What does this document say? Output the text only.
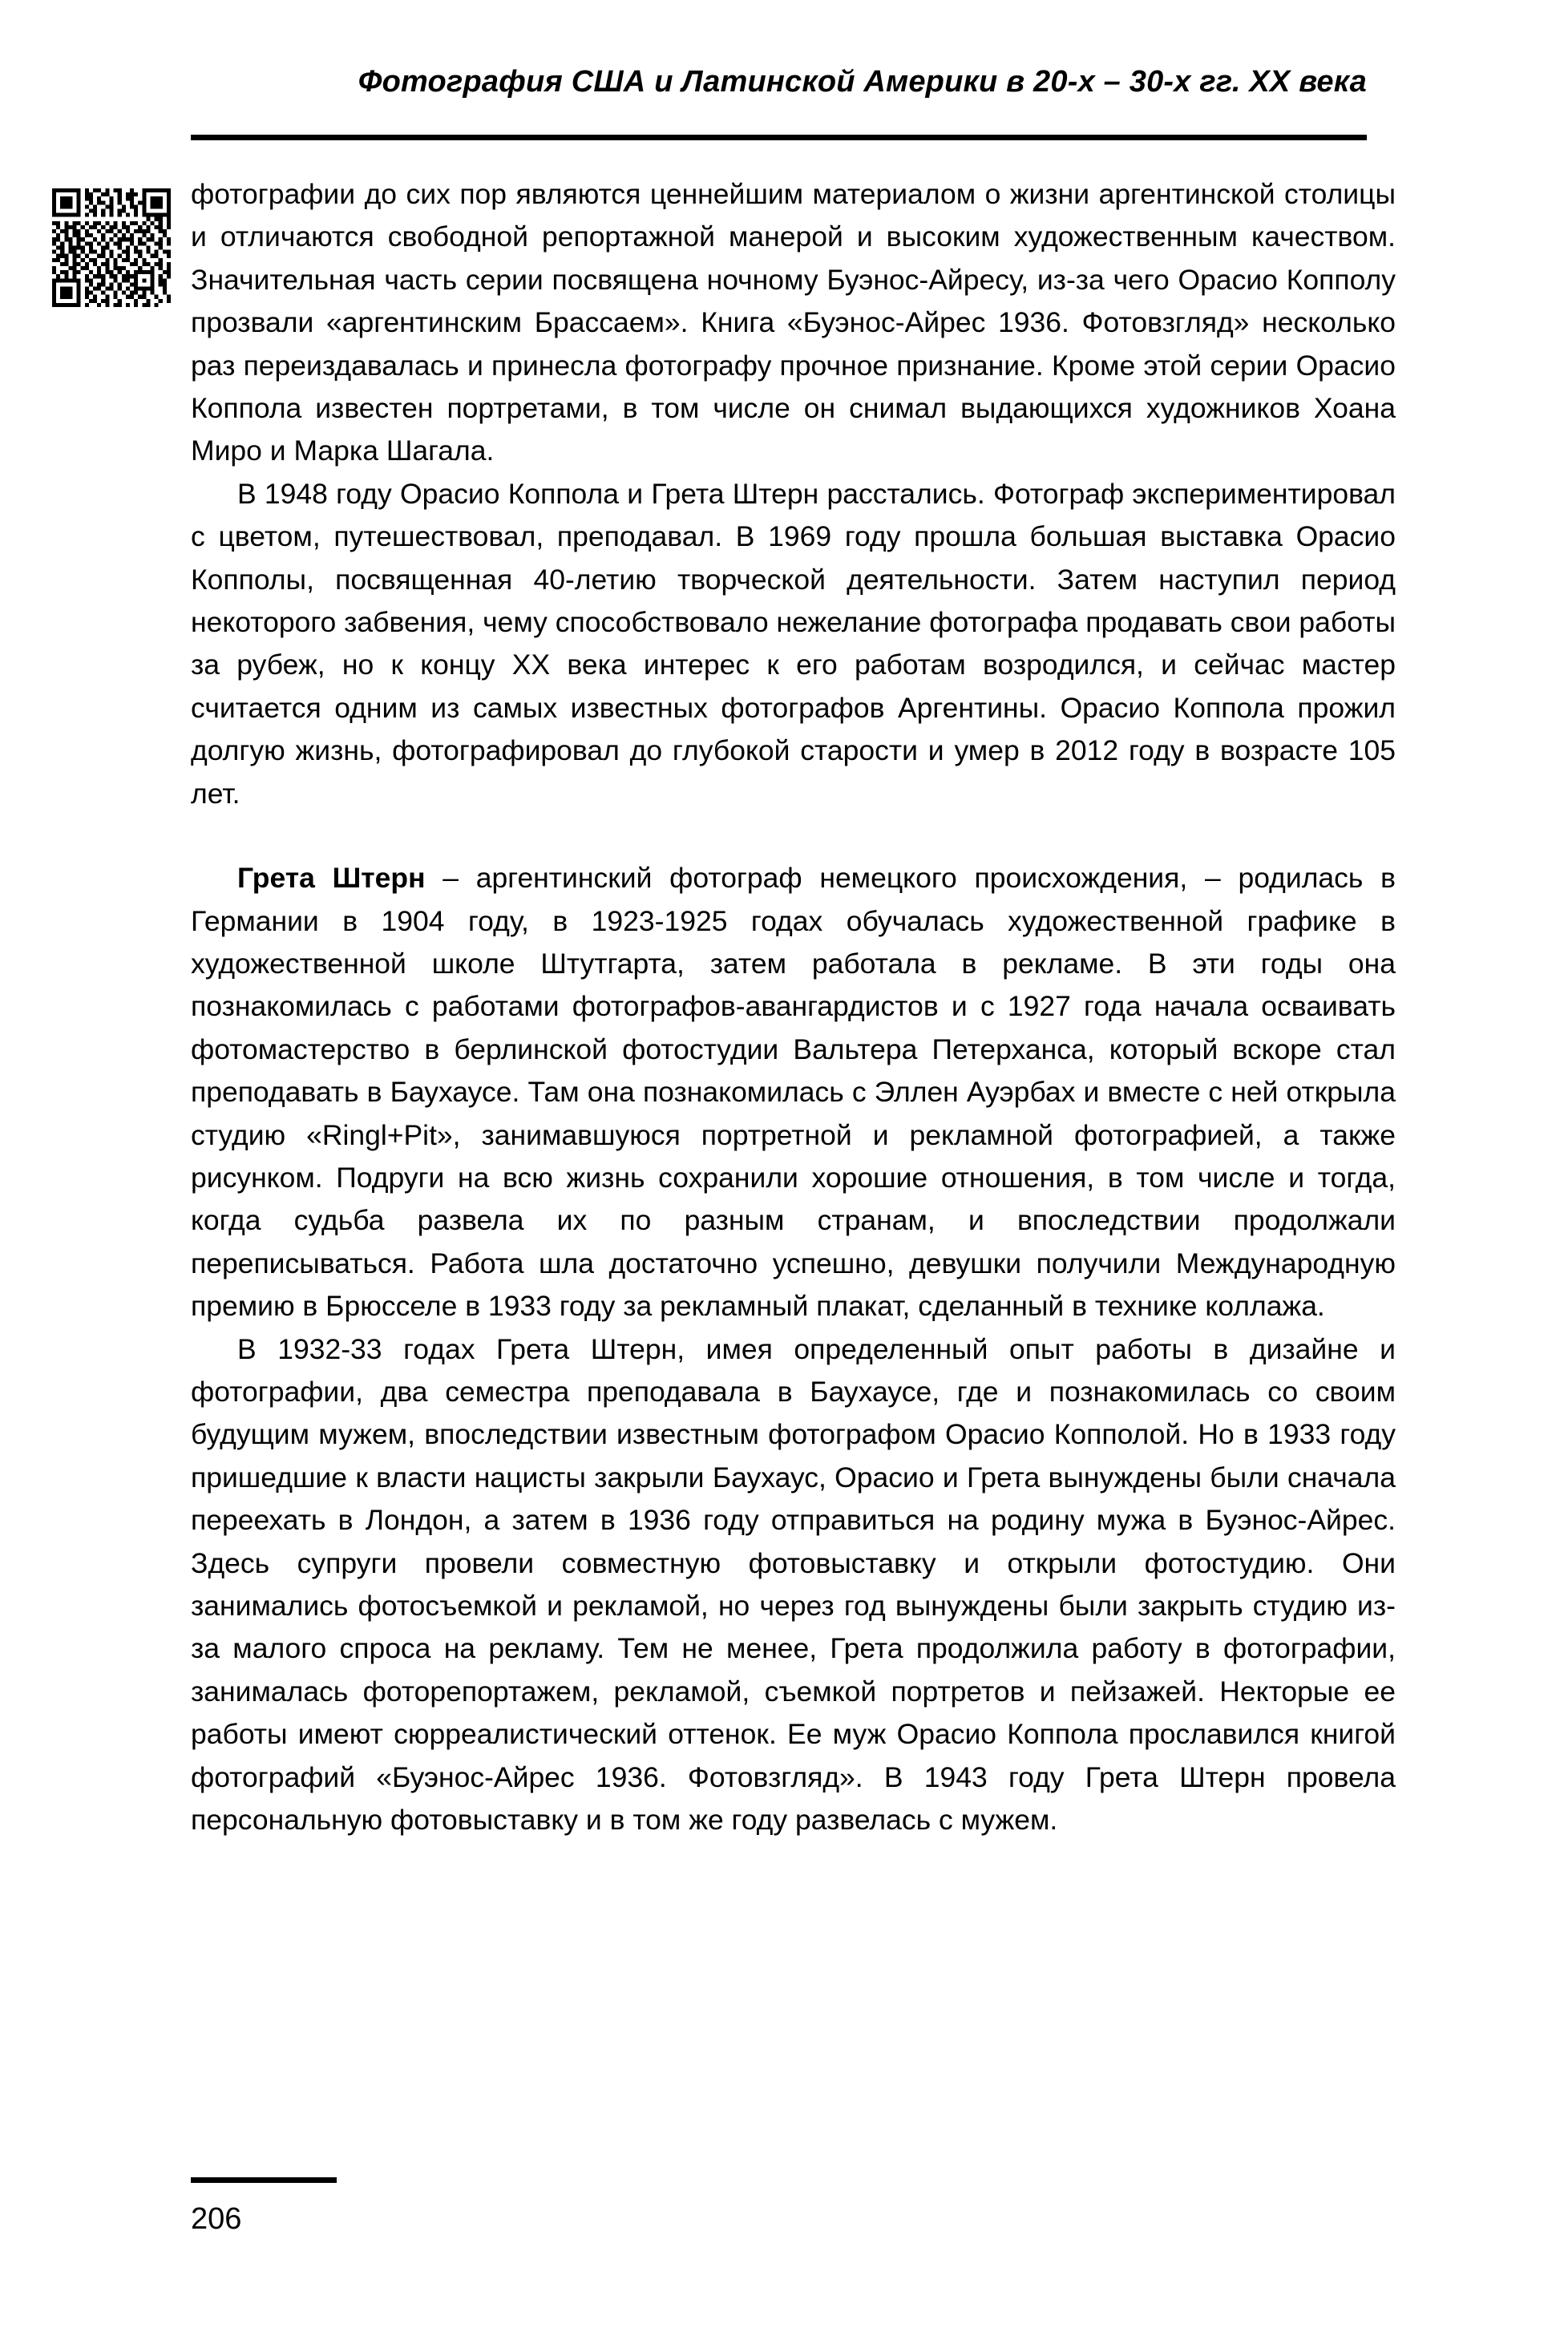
Фотография США и Латинской Америки в 20-х – 30-х гг. XX века

фотографии до сих пор являются ценнейшим материалом о жизни аргентинской столицы и отличаются свободной репортажной манерой и высоким художественным качеством. Значительная часть серии посвящена ночному Буэнос-Айресу, из-за чего Орасио Копполу прозвали «аргентинским Брассаем». Книга «Буэнос-Айрес 1936. Фотовзгляд» несколько раз переиздавалась и принесла фотографу прочное признание. Кроме этой серии Орасио Коппола известен портретами, в том числе он снимал выдающихся художников Хоана Миро и Марка Шагала.

В 1948 году Орасио Коппола и Грета Штерн расстались. Фотограф экспериментировал с цветом, путешествовал, преподавал. В 1969 году прошла большая выставка Орасио Копполы, посвященная 40-летию творческой деятельности. Затем наступил период некоторого забвения, чему способствовало нежелание фотографа продавать свои работы за рубеж, но к концу XX века интерес к его работам возродился, и сейчас мастер считается одним из самых известных фотографов Аргентины. Орасио Коппола прожил долгую жизнь, фотографировал до глубокой старости и умер в 2012 году в возрасте 105 лет.

Грета Штерн – аргентинский фотограф немецкого происхождения, – родилась в Германии в 1904 году, в 1923-1925 годах обучалась художественной графике в художественной школе Штутгарта, затем работала в рекламе. В эти годы она познакомилась с работами фотографов-авангардистов и с 1927 года начала осваивать фотомастерство в берлинской фотостудии Вальтера Петерханса, который вскоре стал преподавать в Баухаусе. Там она познакомилась с Эллен Ауэрбах и вместе с ней открыла студию «Ringl+Pit», занимавшуюся портретной и рекламной фотографией, а также рисунком. Подруги на всю жизнь сохранили хорошие отношения, в том числе и тогда, когда судьба развела их по разным странам, и впоследствии продолжали переписываться. Работа шла достаточно успешно, девушки получили Международную премию в Брюсселе в 1933 году за рекламный плакат, сделанный в технике коллажа.

В 1932-33 годах Грета Штерн, имея определенный опыт работы в дизайне и фотографии, два семестра преподавала в Баухаусе, где и познакомилась со своим будущим мужем, впоследствии известным фотографом Орасио Копполой. Но в 1933 году пришедшие к власти нацисты закрыли Баухаус, Орасио и Грета вынуждены были сначала переехать в Лондон, а затем в 1936 году отправиться на родину мужа в Буэнос-Айрес. Здесь супруги провели совместную фотовыставку и открыли фотостудию. Они занимались фотосъемкой и рекламой, но через год вынуждены были закрыть студию из-за малого спроса на рекламу. Тем не менее, Грета продолжила работу в фотографии, занималась фоторепортажем, рекламой, съемкой портретов и пейзажей. Некторые ее работы имеют сюрреалистический оттенок. Ее муж Орасио Коппола прославился книгой фотографий «Буэнос-Айрес 1936. Фотовзгляд». В 1943 году Грета Штерн провела персональную фотовыставку и в том же году развелась с мужем.

206
